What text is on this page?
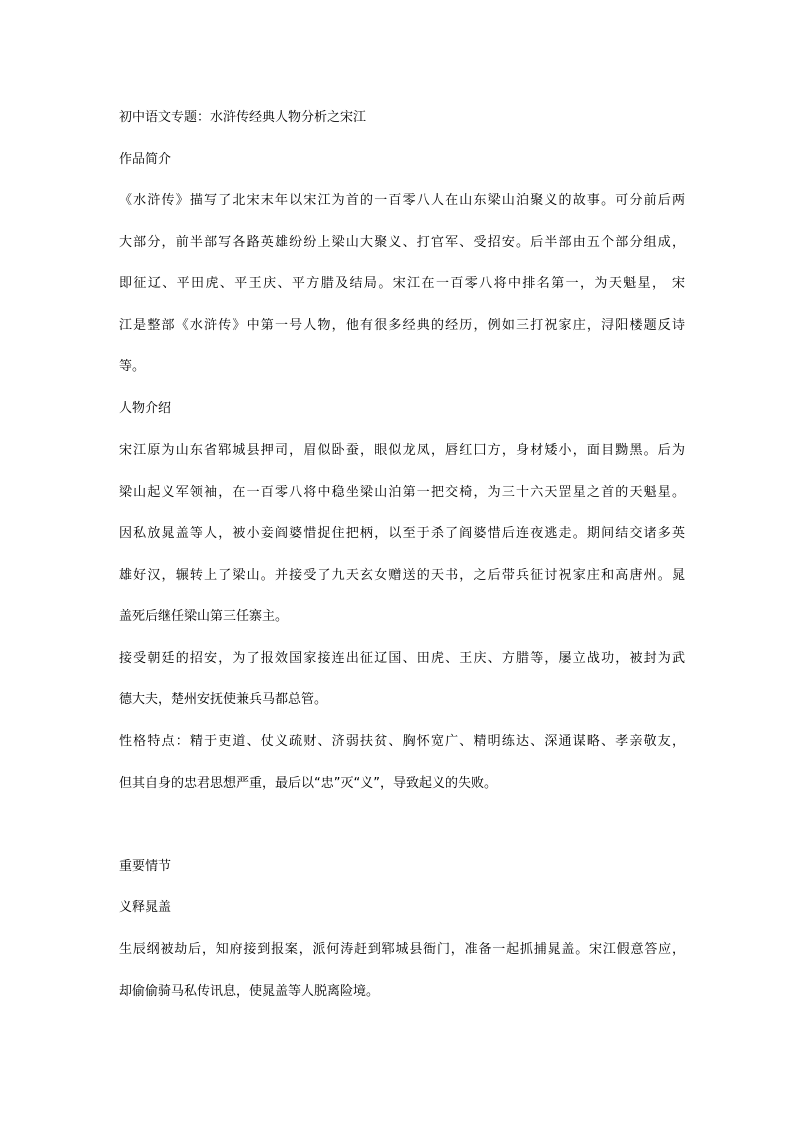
初中语文专题：水浒传经典人物分析之宋江
作品简介
《水浒传》描写了北宋末年以宋江为首的一百零八人在山东梁山泊聚义的故事。可分前后两
大部分，前半部写各路英雄纷纷上梁山大聚义、打官军、受招安。后半部由五个部分组成，
即征辽、平田虎、平王庆、平方腊及结局。宋江在一百零八将中排名第一，为天魁星， 宋
江是整部《水浒传》中第一号人物，他有很多经典的经历，例如三打祝家庄，浔阳楼题反诗
等。
人物介绍
宋江原为山东省郓城县押司，眉似卧蚕，眼似龙凤，唇红囗方，身材矮小，面目黝黑。后为
梁山起义军领袖，在一百零八将中稳坐梁山泊第一把交椅，为三十六天罡星之首的天魁星。
因私放晁盖等人，被小妾阎婆惜捉住把柄，以至于杀了阎婆惜后连夜逃走。期间结交诸多英
雄好汉，辗转上了梁山。并接受了九天玄女赠送的天书，之后带兵征讨祝家庄和高唐州。晁
盖死后继任梁山第三任寨主。
接受朝廷的招安，为了报效国家接连出征辽国、田虎、王庆、方腊等，屡立战功，被封为武
德大夫，楚州安抚使兼兵马都总管。
性格特点：精于吏道、仗义疏财、济弱扶贫、胸怀宽广、精明练达、深通谋略、孝亲敬友，
但其自身的忠君思想严重，最后以“忠”灭“义”，导致起义的失败。
重要情节
义释晁盖
生辰纲被劫后，知府接到报案，派何涛赶到郓城县衙门，准备一起抓捕晁盖。宋江假意答应，
却偷偷骑马私传讯息，使晁盖等人脱离险境。
